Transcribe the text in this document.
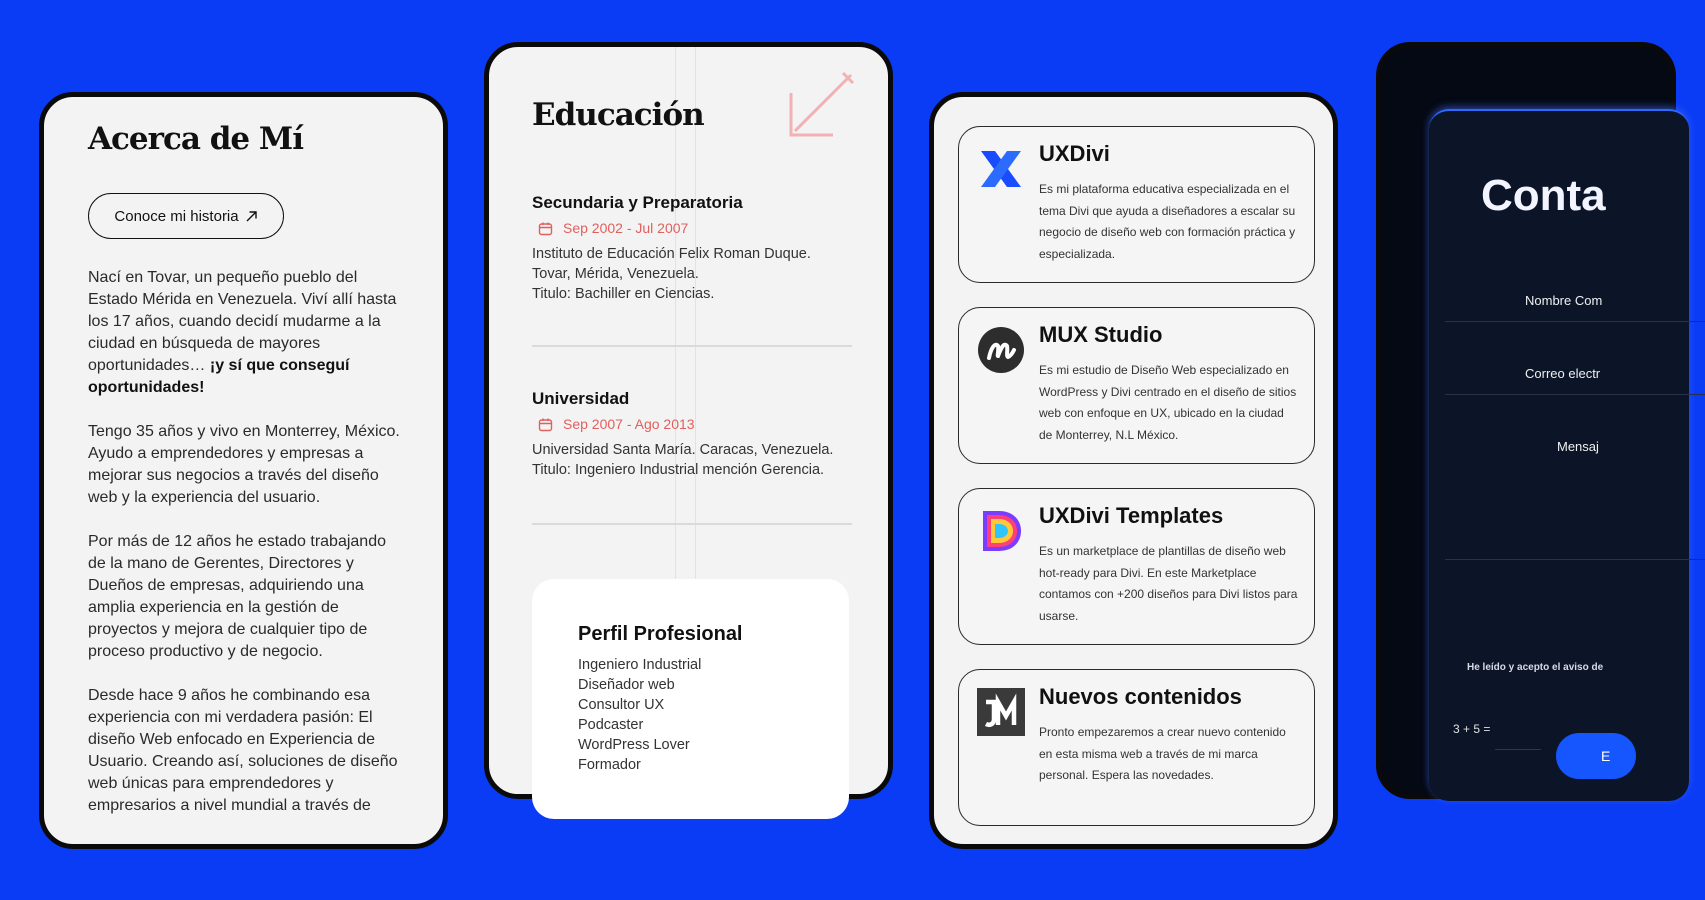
Acerca de Mí
Conoce mi historia

Nací en Tovar, un pequeño pueblo del Estado Mérida en Venezuela. Viví allí hasta los 17 años, cuando decidí mudarme a la ciudad en búsqueda de mayores oportunidades… ¡y sí que conseguí oportunidades!

Tengo 35 años y vivo en Monterrey, México. Ayudo a emprendedores y empresas a mejorar sus negocios a través del diseño web y la experiencia del usuario.

Por más de 12 años he estado trabajando de la mano de Gerentes, Directores y Dueños de empresas, adquiriendo una amplia experiencia en la gestión de proyectos y mejora de cualquier tipo de proceso productivo y de negocio.

Desde hace 9 años he combinando esa experiencia con mi verdadera pasión: El diseño Web enfocado en Experiencia de Usuario. Creando así, soluciones de diseño web únicas para emprendedores y empresarios a nivel mundial a través de

Educación
Secundaria y Preparatoria
Sep 2002 - Jul 2007
Instituto de Educación Felix Roman Duque.
Tovar, Mérida, Venezuela.
Titulo: Bachiller en Ciencias.
Universidad
Sep 2007 - Ago 2013
Universidad Santa María. Caracas, Venezuela.
Titulo: Ingeniero Industrial mención Gerencia.
Perfil Profesional
Ingeniero Industrial
Diseñador web
Consultor UX
Podcaster
WordPress Lover
Formador
UXDivi

Es mi plataforma educativa especializada en el tema Divi que ayuda a diseñadores a escalar su negocio de diseño web con formación práctica y especializada.

MUX Studio

Es mi estudio de Diseño Web especializado en WordPress y Divi centrado en el diseño de sitios web con enfoque en UX, ubicado en la ciudad de Monterrey, N.L México.

UXDivi Templates

Es un marketplace de plantillas de diseño web hot-ready para Divi. En este Marketplace contamos con +200 diseños para Divi listos para usarse.

Nuevos contenidos

Pronto empezaremos a crear nuevo contenido en esta misma web a través de mi marca personal. Espera las novedades.

Conta
Nombre Com
Correo electr
Mensaj
He leído y acepto el aviso de
3 + 5 =
E
